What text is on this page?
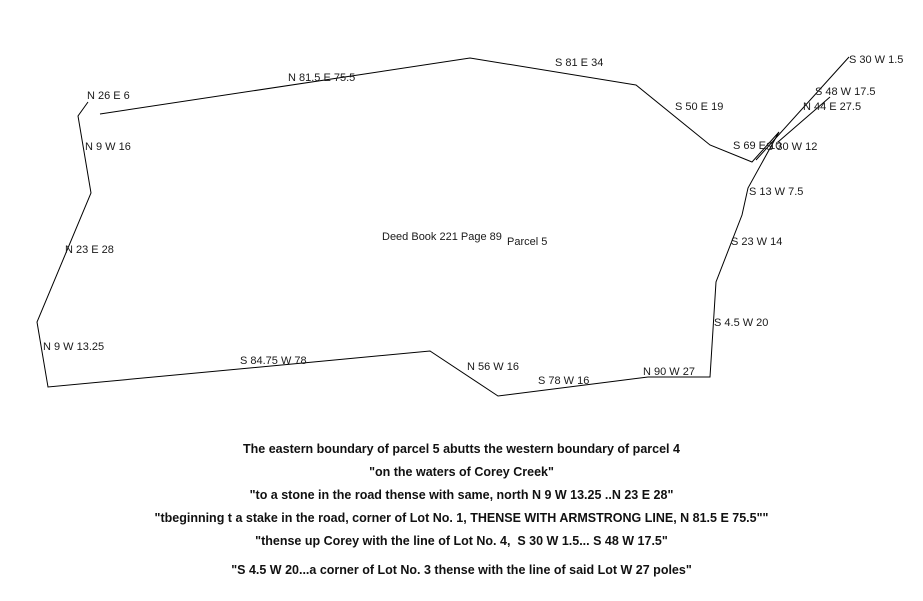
N 26 E 6
N 81.5 E 75.5
S 81 E 34	S 30 W 1.5
S 48 W 17.5
N 44 E 27.5
S 50 E 19
N 9 W 16	S 69 E 10
S 30 W 12
S 13 W 7.5
S 23 W 14
N 23 E 28
Deed Book 221 Page 89 Parcel 5
S 4.5 W 20
N 9 W 13.25
S 84.75 W 78	N 56 W 16	N 90 W 27
S 78 W 16
The eastern boundary of parcel 5 abutts the western boundary of parcel 4
"on the waters of Corey Creek"
"to a stone in the road thense with same, north N 9 W 13.25 ..N 23 E 28"
"tbeginning t a stake in the road, corner of Lot No. 1, THENSE WITH ARMSTRONG LINE, N 81.5 E 75.5""
"thense up Corey with the line of Lot No. 4,  S 30 W 1.5... S 48 W 17.5"
"S 4.5 W 20...a corner of Lot No. 3 thense with the line of said Lot W 27 poles"
